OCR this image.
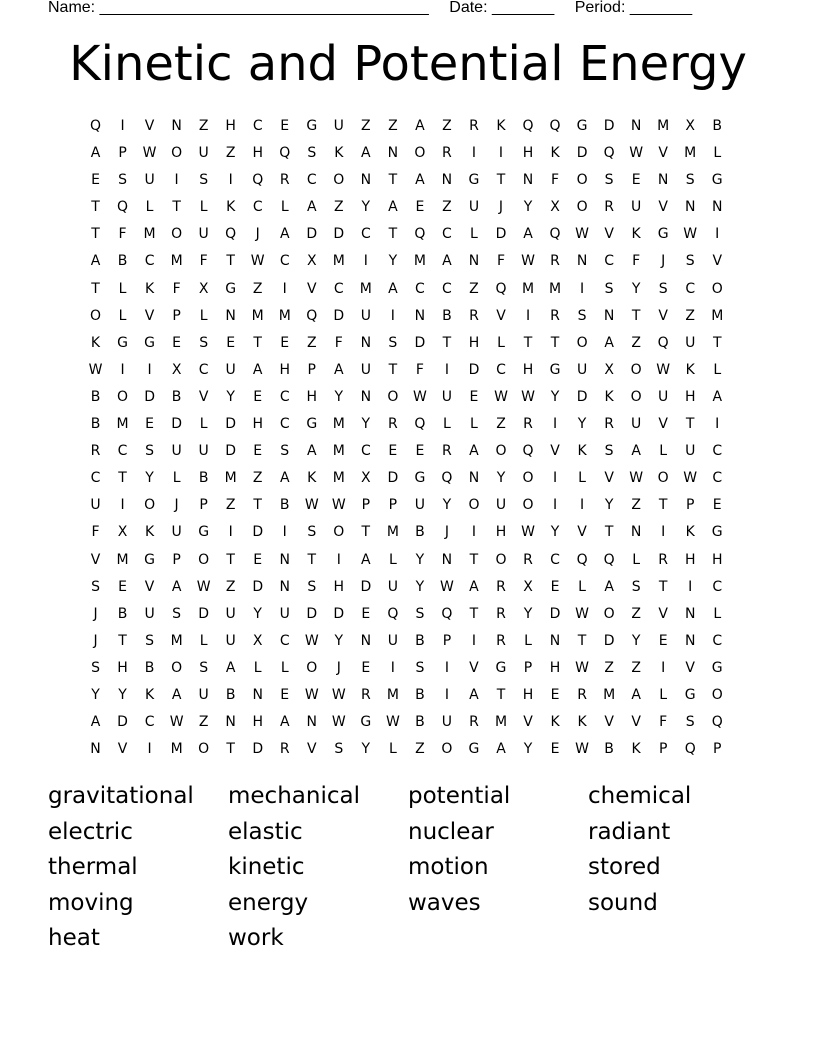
Name: _____________________________________ Date: _______ Period: _______
Kinetic and Potential Energy
Q	I	V	N	Z	H	C	E	G	U	Z	Z	A	Z	R	K	Q	Q	G	D	N	M	X	B
A	P	W	O	U	Z	H	Q	S	K	A	N	O	R	I	I	H	K	D	Q	W	V	M	L
E	S	U	I	S	I	Q	R	C	O	N	T	A	N	G	T	N	F	O	S	E	N	S	G
T	Q	L	T	L	K	C	L	A	Z	Y	A	E	Z	U	J	Y	X	O	R	U	V	N	N
T	F	M	O	U	Q	J	A	D	D	C	T	Q	C	L	D	A	Q	W	V	K	G	W	I
A	B	C	M	F	T	W	C	X	M	I	Y	M	A	N	F	W	R	N	C	F	J	S	V
T	L	K	F	X	G	Z	I	V	C	M	A	C	C	Z	Q	M	M	I	S	Y	S	C	O
O	L	V	P	L	N	M	M	Q	D	U	I	N	B	R	V	I	R	S	N	T	V	Z	M
K	G	G	E	S	E	T	E	Z	F	N	S	D	T	H	L	T	T	O	A	Z	Q	U	T
W	I	I	X	C	U	A	H	P	A	U	T	F	I	D	C	H	G	U	X	O	W	K	L
B	O	D	B	V	Y	E	C	H	Y	N	O	W	U	E	W W	Y	D	K	O	U	H	A
B	M	E	D	L	D	H	C	G	M	Y	R	Q	L	L	Z	R	I	Y	R	U	V	T	I
R	C	S	U	U	D	E	S	A	M	C	E	E	R	A	O	Q	V	K	S	A	L	U	C
C	T	Y	L	B	M	Z	A	K	M	X	D	G	Q	N	Y	O	I	L	V	W	O	W	C
U	I	O	J	P	Z	T	B	W W	P	P	U	Y	O	U	O	I	I	Y	Z	T	P	E
F	X	K	U	G	I	D	I	S	O	T	M	B	J	I	H	W	Y	V	T	N	I	K	G
V	M	G	P	O	T	E	N	T	I	A	L	Y	N	T	O	R	C	Q	Q	L	R	H	H
S	E	V	A	W	Z	D	N	S	H	D	U	Y	W	A	R	X	E	L	A	S	T	I	C
J	B	U	S	D	U	Y	U	D	D	E	Q	S	Q	T	R	Y	D	W	O	Z	V	N	L
J	T	S	M	L	U	X	C	W	Y	N	U	B	P	I	R	L	N	T	D	Y	E	N	C
S	H	B	O	S	A	L	L	O	J	E	I	S	I	V	G	P	H	W	Z	Z	I	V	G
Y	Y	K	A	U	B	N	E	W W	R	M	B	I	A	T	H	E	R	M	A	L	G	O
A	D	C	W	Z	N	H	A	N	W	G	W	B	U	R	M	V	K	K	V	V	F	S	Q
N	V	I	M	O	T	D	R	V	S	Y	L	Z	O	G	A	Y	E	W	B	K	P	Q	P
gravitational	mechanical	potential	chemical
electric	elastic	nuclear	radiant
thermal	kinetic	motion	stored
moving	energy	waves	sound
heat	work
